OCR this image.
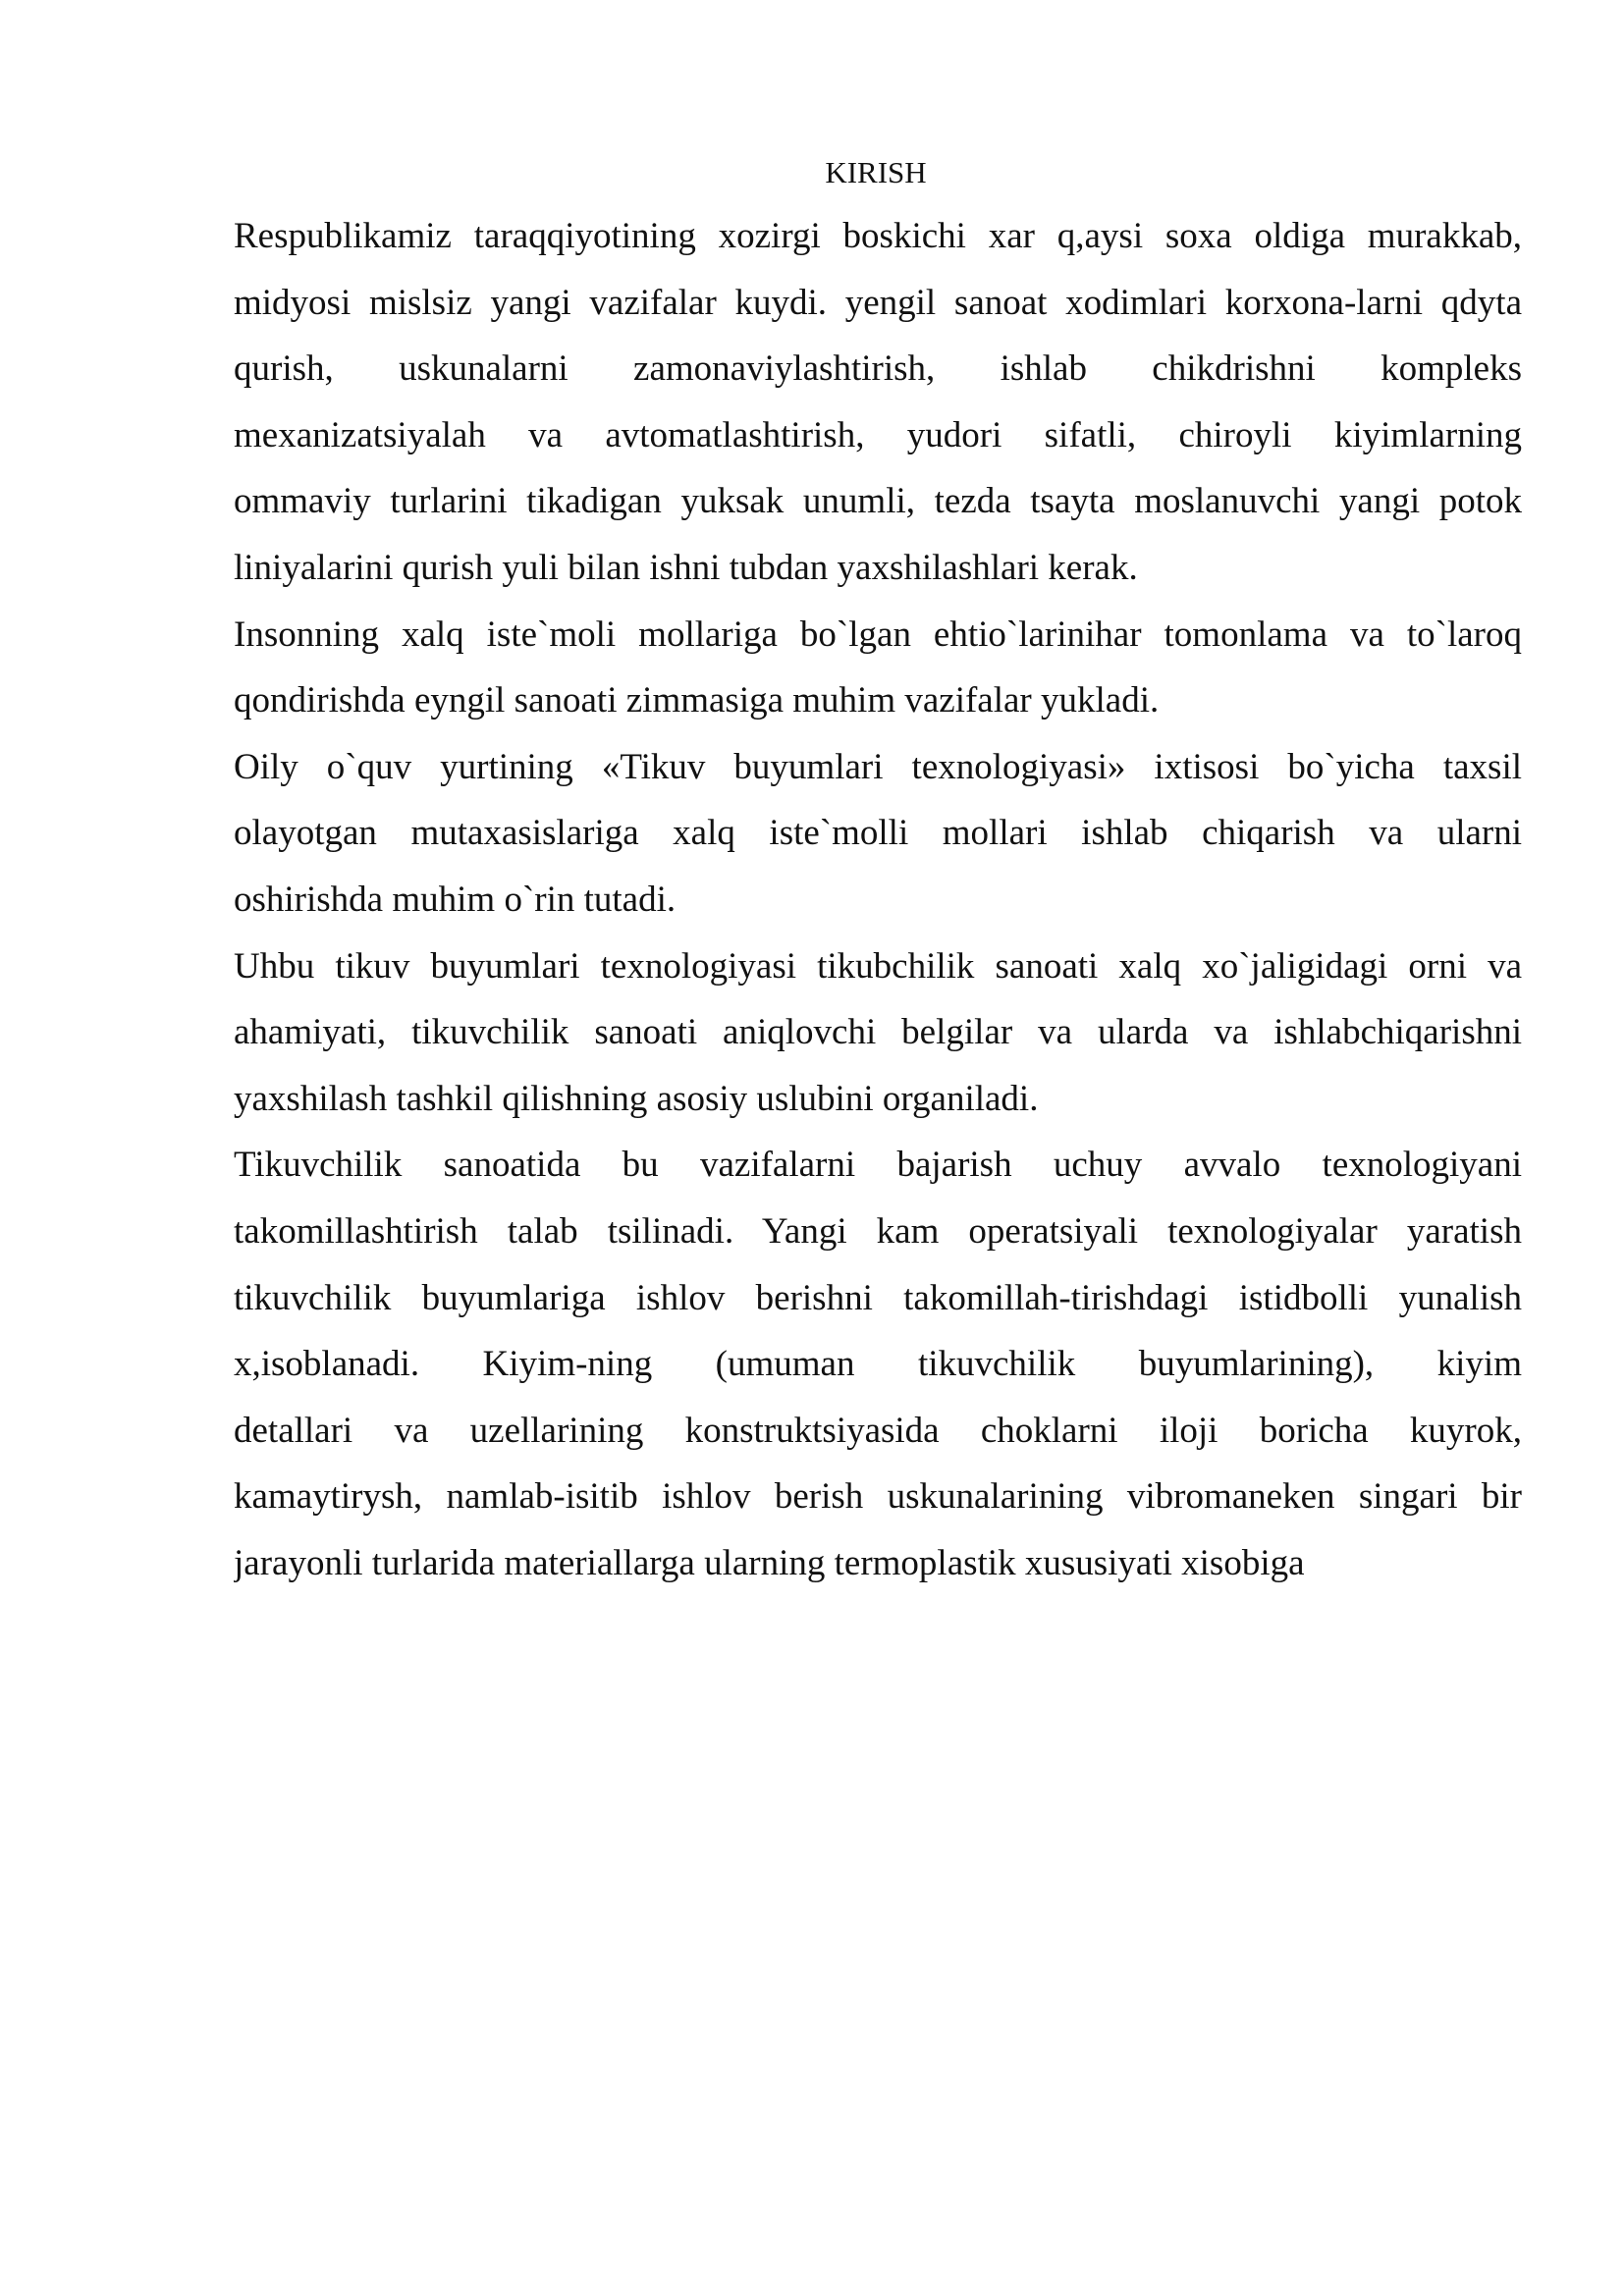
KIRISH
Respublikamiz taraqqiyotining xozirgi boskichi xar q,aysi soxa oldiga murakkab,
midyosi mislsiz yangi vazifalar kuydi. yengil sanoat xodimlari korxona-larni qdyta
qurish, uskunalarni zamonaviylashtirish, ishlab chikdrishni kompleks
mexanizatsiyalah va avtomatlashtirish, yudori sifatli, chiroyli kiyimlarning
ommaviy turlarini tikadigan yuksak unumli, tezda tsayta moslanuvchi yangi potok
liniyalarini qurish yuli bilan ishni tubdan yaxshilashlari kerak.
Insonning xalq iste`moli mollariga bo`lgan ehtio`larinihar tomonlama va to`laroq
qondirishda eyngil sanoati zimmasiga muhim vazifalar yukladi.
Oily o`quv yurtining «Tikuv buyumlari texnologiyasi» ixtisosi bo`yicha taxsil
olayotgan mutaxasislariga xalq iste`molli mollari ishlab chiqarish va ularni
oshirishda muhim o`rin tutadi.
Uhbu tikuv buyumlari texnologiyasi tikubchilik sanoati xalq xo`jaligidagi orni va
ahamiyati, tikuvchilik sanoati aniqlovchi belgilar va ularda va ishlabchiqarishni
yaxshilash tashkil qilishning asosiy uslubini organiladi.
Tikuvchilik sanoatida bu vazifalarni bajarish uchuy avvalo texnologiyani
takomillashtirish talab tsilinadi. Yangi kam operatsiyali texnologiyalar yaratish
tikuvchilik buyumlariga ishlov berishni takomillah-tirishdagi istidbolli yunalish
x,isoblanadi. Kiyim-ning (umuman tikuvchilik buyumlarining), kiyim
detallari va uzellarining konstruktsiyasida choklarni iloji boricha kuyrok,
kamaytirysh, namlab-isitib ishlov berish uskunalarining vibromaneken singari bir
jarayonli turlarida materiallarga ularning termoplastik xususiyati xisobiga
